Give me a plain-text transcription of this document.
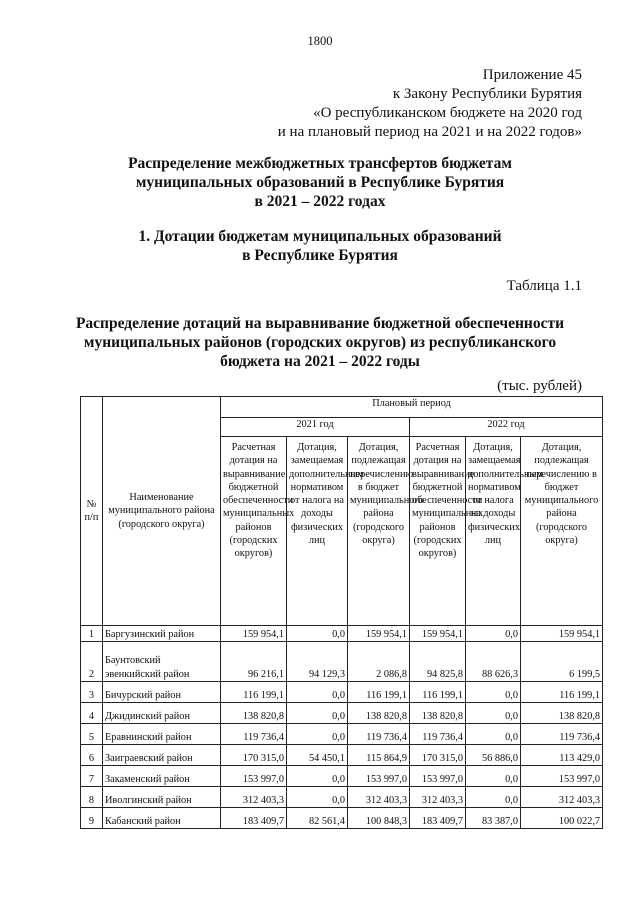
1800
Приложение 45
к Закону Республики Бурятия
«О республиканском бюджете на 2020 год
и на плановый период на 2021 и на 2022 годов»
Распределение межбюджетных трансфертов бюджетам
муниципальных образований в Республике Бурятия
в 2021 – 2022 годах
1. Дотации бюджетам муниципальных образований
в Республике Бурятия
Таблица 1.1
Распределение дотаций на выравнивание бюджетной обеспеченности
муниципальных районов (городских округов) из республиканского
бюджета на 2021 – 2022 годы
(тыс. рублей)
№ п/п	Наименование муниципального района (городского округа)	Плановый период					
		2021 год			2022 год		
		Расчетная дотация на выравнивание бюджетной обеспеченности муниципальных районов (городских округов)	Дотация, замещаемая дополнительным нормативом от налога на доходы физических лиц	Дотация, подлежащая перечислению в бюджет муниципального района (городского округа)	Расчетная дотация на выравнивание бюджетной обеспеченности муниципальных районов (городских округов)	Дотация, замещаемая дополнительным нормативом от налога на доходы физических лиц	Дотация, подлежащая перечислению в бюджет муниципального района (городского округа)
1	Баргузинский район	159 954,1	0,0	159 954,1	159 954,1	0,0	159 954,1
2	Баунтовский эвенкийский район	96 216,1	94 129,3	2 086,8	94 825,8	88 626,3	6 199,5
3	Бичурский район	116 199,1	0,0	116 199,1	116 199,1	0,0	116 199,1
4	Джидинский район	138 820,8	0,0	138 820,8	138 820,8	0,0	138 820,8
5	Еравнинский район	119 736,4	0,0	119 736,4	119 736,4	0,0	119 736,4
6	Заиграевский район	170 315,0	54 450,1	115 864,9	170 315,0	56 886,0	113 429,0
7	Закаменский район	153 997,0	0,0	153 997,0	153 997,0	0,0	153 997,0
8	Иволгинский район	312 403,3	0,0	312 403,3	312 403,3	0,0	312 403,3
9	Кабанский район	183 409,7	82 561,4	100 848,3	183 409,7	83 387,0	100 022,7
